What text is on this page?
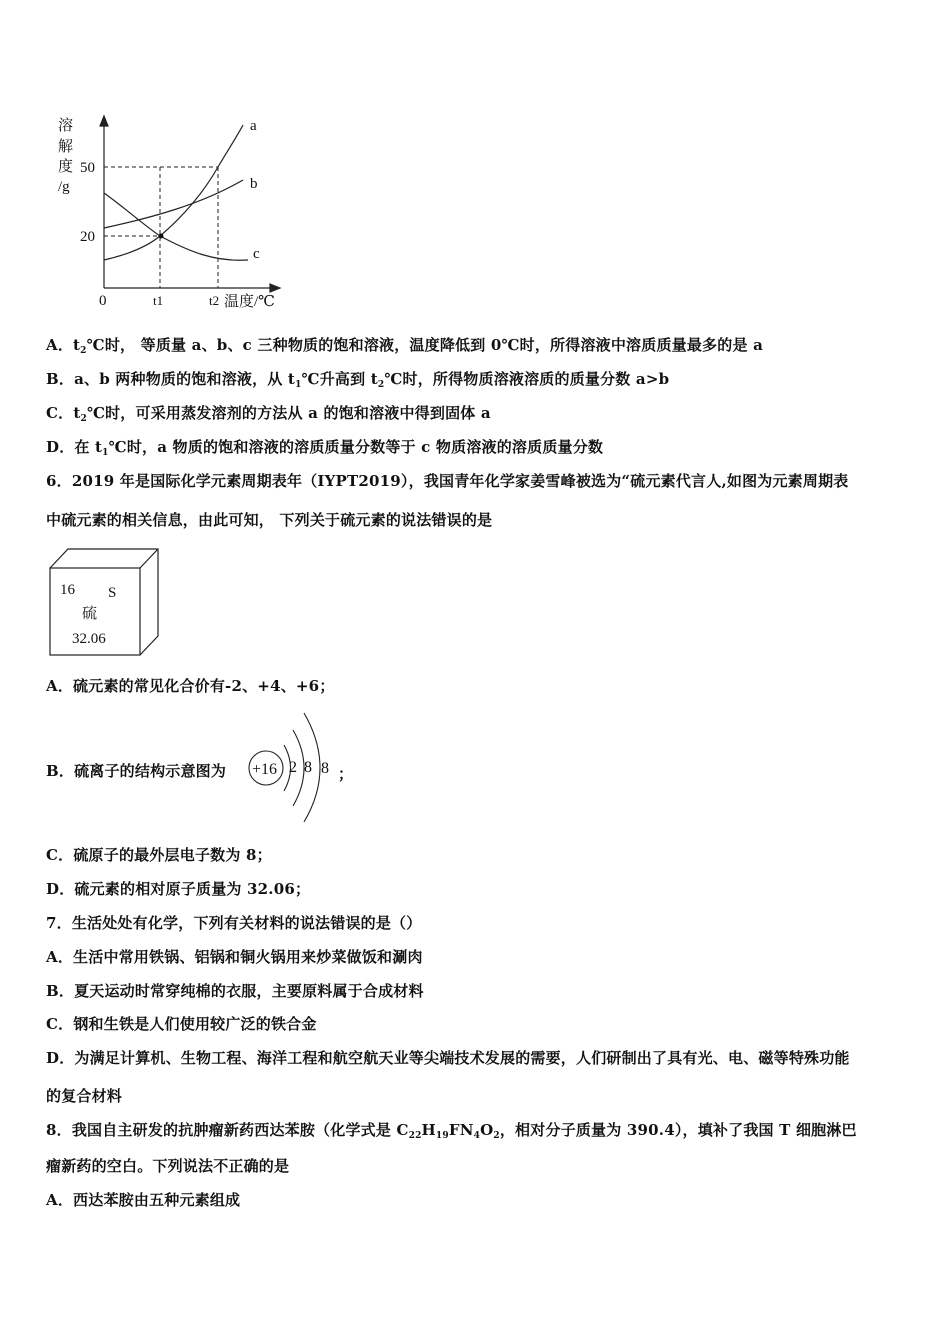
溶
解
度
/g
50
20
0	t1	t2 温度/℃
a
b
c
16 S
硫
32.06
+16 2 8 8
A．$t_2℃$时， 等质量 a、b、c 三种物质的饱和溶液，温度降低到 0℃时，所得溶液中溶质质量最多的是 a
B．a、b 两种物质的饱和溶液，从 $t_1℃$升高到 $t_2℃$时，所得物质溶液溶质的质量分数 a>b
C．$t_2℃$时，可采用蒸发溶剂的方法从 a 的饱和溶液中得到固体 a
D．在 $t_1℃$时，a 物质的饱和溶液的溶质质量分数等于 c 物质溶液的溶质质量分数
6．2019 年是国际化学元素周期表年（IYPT2019），我国青年化学家姜雪峰被选为“硫元素代言人,如图为元素周期表
中硫元素的相关信息，由此可知， 下列关于硫元素的说法错误的是
A．硫元素的常见化合价有-2、+4、+6；
B．硫离子的结构示意图为
C．硫原子的最外层电子数为 8；
D．硫元素的相对原子质量为 32.06；
7．生活处处有化学，下列有关材料的说法错误的是（）
A．生活中常用铁锅、铝锅和铜火锅用来炒菜做饭和涮肉
B．夏天运动时常穿纯棉的衣服，主要原料属于合成材料
C．钢和生铁是人们使用较广泛的铁合金
D．为满足计算机、生物工程、海洋工程和航空航天业等尖端技术发展的需要，人们研制出了具有光、电、磁等特殊功能
的复合材料
8．我国自主研发的抗肿瘤新药西达苯胺（化学式是 $C_{22}H_{19}FN_4O_2$，相对分子质量为 390.4），填补了我国 T 细胞淋巴
瘤新药的空白。下列说法不正确的是
A．西达苯胺由五种元素组成
；
